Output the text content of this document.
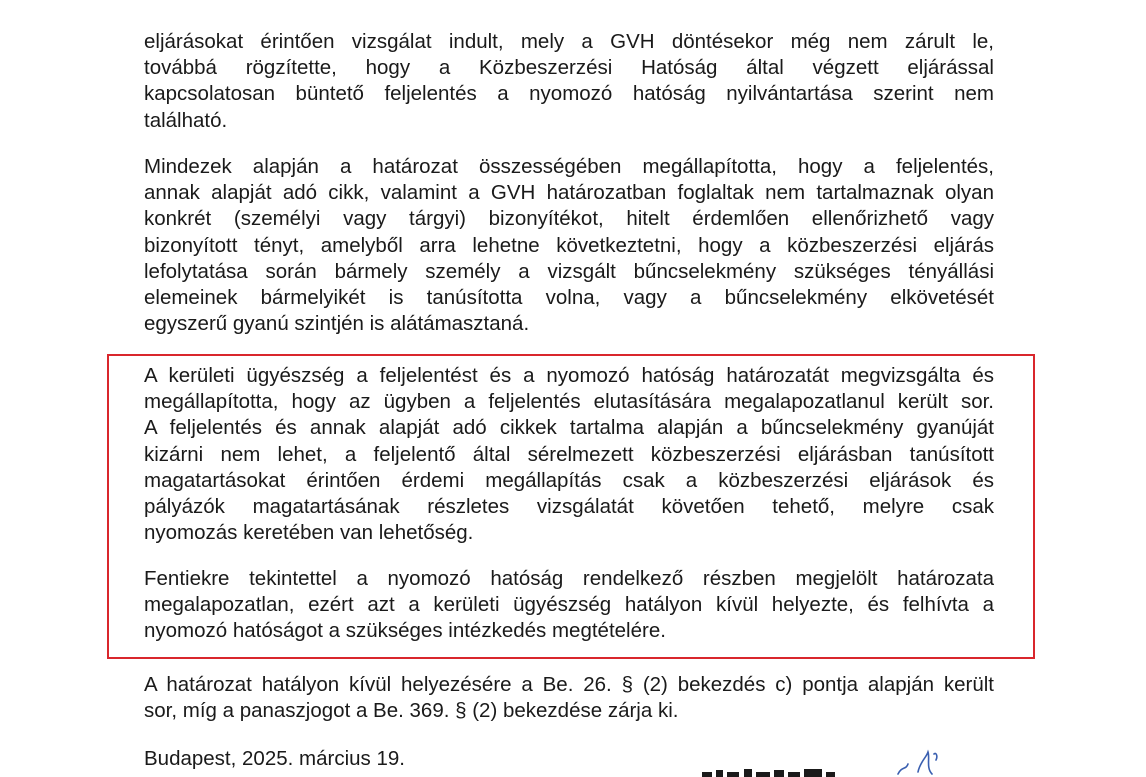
eljárásokat érintően vizsgálat indult, mely a GVH döntésekor még nem zárult le,
továbbá rögzítette, hogy a Közbeszerzési Hatóság által végzett eljárással
kapcsolatosan büntető feljelentés a nyomozó hatóság nyilvántartása szerint nem
található.

Mindezek alapján a határozat összességében megállapította, hogy a feljelentés,
annak alapját adó cikk, valamint a GVH határozatban foglaltak nem tartalmaznak olyan
konkrét (személyi vagy tárgyi) bizonyítékot, hitelt érdemlően ellenőrizhető vagy
bizonyított tényt, amelyből arra lehetne következtetni, hogy a közbeszerzési eljárás
lefolytatása során bármely személy a vizsgált bűncselekmény szükséges tényállási
elemeinek bármelyikét is tanúsította volna, vagy a bűncselekmény elkövetését
egyszerű gyanú szintjén is alátámasztaná.

A kerületi ügyészség a feljelentést és a nyomozó hatóság határozatát megvizsgálta és
megállapította, hogy az ügyben a feljelentés elutasítására megalapozatlanul került sor.
A feljelentés és annak alapját adó cikkek tartalma alapján a bűncselekmény gyanúját
kizárni nem lehet, a feljelentő által sérelmezett közbeszerzési eljárásban tanúsított
magatartásokat érintően érdemi megállapítás csak a közbeszerzési eljárások és
pályázók magatartásának részletes vizsgálatát követően tehető, melyre csak
nyomozás keretében van lehetőség.

Fentiekre tekintettel a nyomozó hatóság rendelkező részben megjelölt határozata
megalapozatlan, ezért azt a kerületi ügyészség hatályon kívül helyezte, és felhívta a
nyomozó hatóságot a szükséges intézkedés megtételére.

A határozat hatályon kívül helyezésére a Be. 26. § (2) bekezdés c) pontja alapján került
sor, míg a panaszjogot a Be. 369. § (2) bekezdése zárja ki.

Budapest, 2025. március 19.
